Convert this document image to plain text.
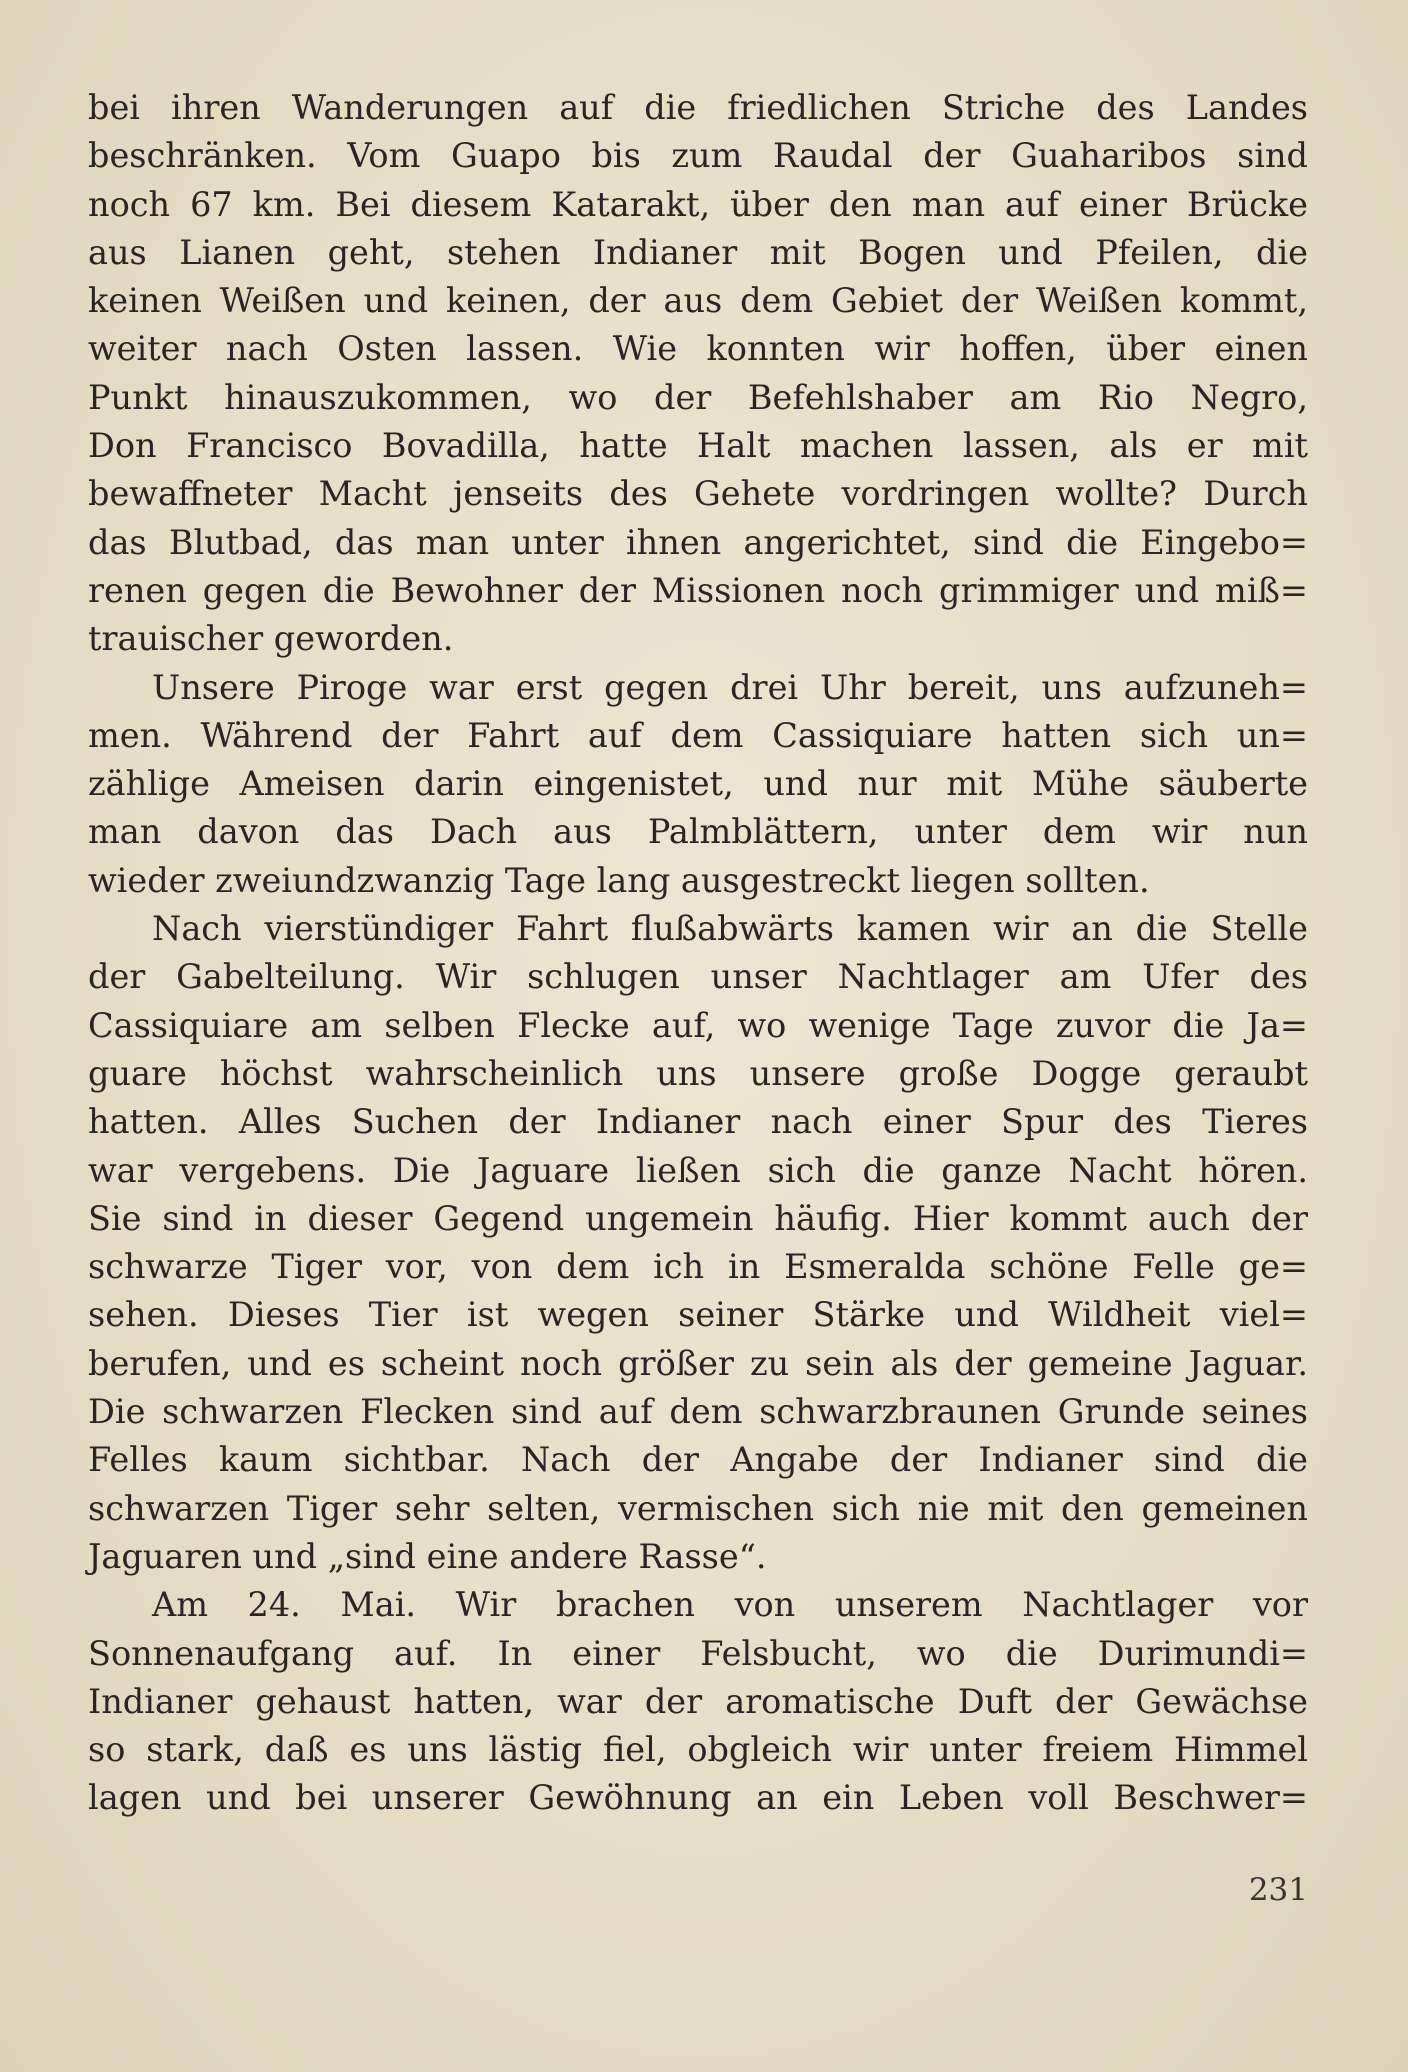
bei ihren Wanderungen auf die friedlichen Striche des Landes
beschränken. Vom Guapo bis zum Raudal der Guaharibos sind
noch 67 km. Bei diesem Katarakt, über den man auf einer Brücke
aus Lianen geht, stehen Indianer mit Bogen und Pfeilen, die
keinen Weißen und keinen, der aus dem Gebiet der Weißen kommt,
weiter nach Osten lassen. Wie konnten wir hoffen, über einen
Punkt hinauszukommen, wo der Befehlshaber am Rio Negro,
Don Francisco Bovadilla, hatte Halt machen lassen, als er mit
bewaffneter Macht jenseits des Gehete vordringen wollte? Durch
das Blutbad, das man unter ihnen angerichtet, sind die Eingebo=
renen gegen die Bewohner der Missionen noch grimmiger und miß=
trauischer geworden.
Unsere Piroge war erst gegen drei Uhr bereit, uns aufzuneh=
men. Während der Fahrt auf dem Cassiquiare hatten sich un=
zählige Ameisen darin eingenistet, und nur mit Mühe säuberte
man davon das Dach aus Palmblättern, unter dem wir nun
wieder zweiundzwanzig Tage lang ausgestreckt liegen sollten.
Nach vierstündiger Fahrt flußabwärts kamen wir an die Stelle
der Gabelteilung. Wir schlugen unser Nachtlager am Ufer des
Cassiquiare am selben Flecke auf, wo wenige Tage zuvor die Ja=
guare höchst wahrscheinlich uns unsere große Dogge geraubt
hatten. Alles Suchen der Indianer nach einer Spur des Tieres
war vergebens. Die Jaguare ließen sich die ganze Nacht hören.
Sie sind in dieser Gegend ungemein häufig. Hier kommt auch der
schwarze Tiger vor, von dem ich in Esmeralda schöne Felle ge=
sehen. Dieses Tier ist wegen seiner Stärke und Wildheit viel=
berufen, und es scheint noch größer zu sein als der gemeine Jaguar.
Die schwarzen Flecken sind auf dem schwarzbraunen Grunde seines
Felles kaum sichtbar. Nach der Angabe der Indianer sind die
schwarzen Tiger sehr selten, vermischen sich nie mit den gemeinen
Jaguaren und „sind eine andere Rasse“.
Am 24. Mai. Wir brachen von unserem Nachtlager vor
Sonnenaufgang auf. In einer Felsbucht, wo die Durimundi=
Indianer gehaust hatten, war der aromatische Duft der Gewächse
so stark, daß es uns lästig fiel, obgleich wir unter freiem Himmel
lagen und bei unserer Gewöhnung an ein Leben voll Beschwer=
231
